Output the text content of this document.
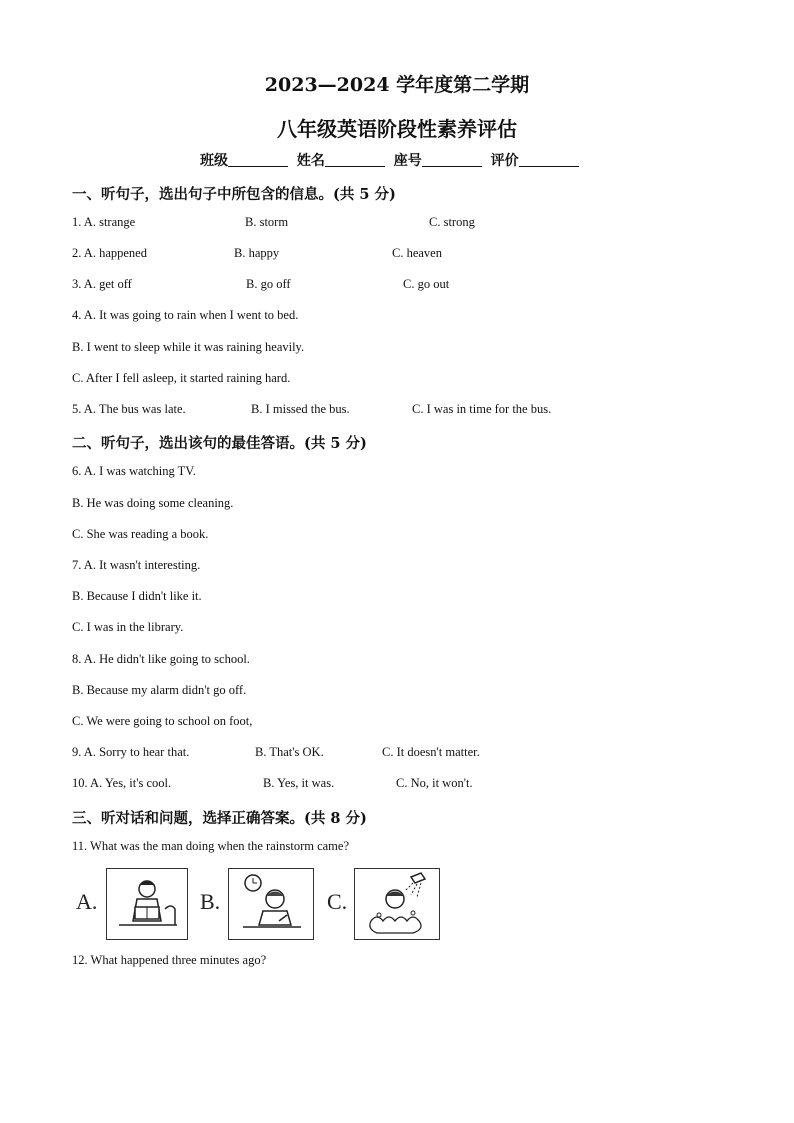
2023—2024 学年度第二学期
八年级英语阶段性素养评估
班级	姓名	座号	评价
一、听句子，选出句子中所包含的信息。(共 5 分)
1. A. strange	B. storm	C. strong
2. A. happened	B. happy	C. heaven
3. A. get off	B. go off	C. go out
4. A. It was going to rain when I went to bed.
B. I went to sleep while it was raining heavily.
C. After I fell asleep, it started raining hard.
5. A. The bus was late.	B. I missed the bus.	C. I was in time for the bus.
二、听句子，选出该句的最佳答语。(共 5 分)
6. A. I was watching TV.
B. He was doing some cleaning.
C. She was reading a book.
7. A. It wasn't interesting.
B. Because I didn't like it.
C. I was in the library.
8. A. He didn't like going to school.
B. Because my alarm didn't go off.
C. We were going to school on foot,
9. A. Sorry to hear that.	B. That's OK.	C. It doesn't matter.
10. A. Yes, it's cool.	B. Yes, it was.	C. No, it won't.
三、听对话和问题，选择正确答案。(共 8 分)
11. What was the man doing when the rainstorm came?
A.	B.	C.
12. What happened three minutes ago?
